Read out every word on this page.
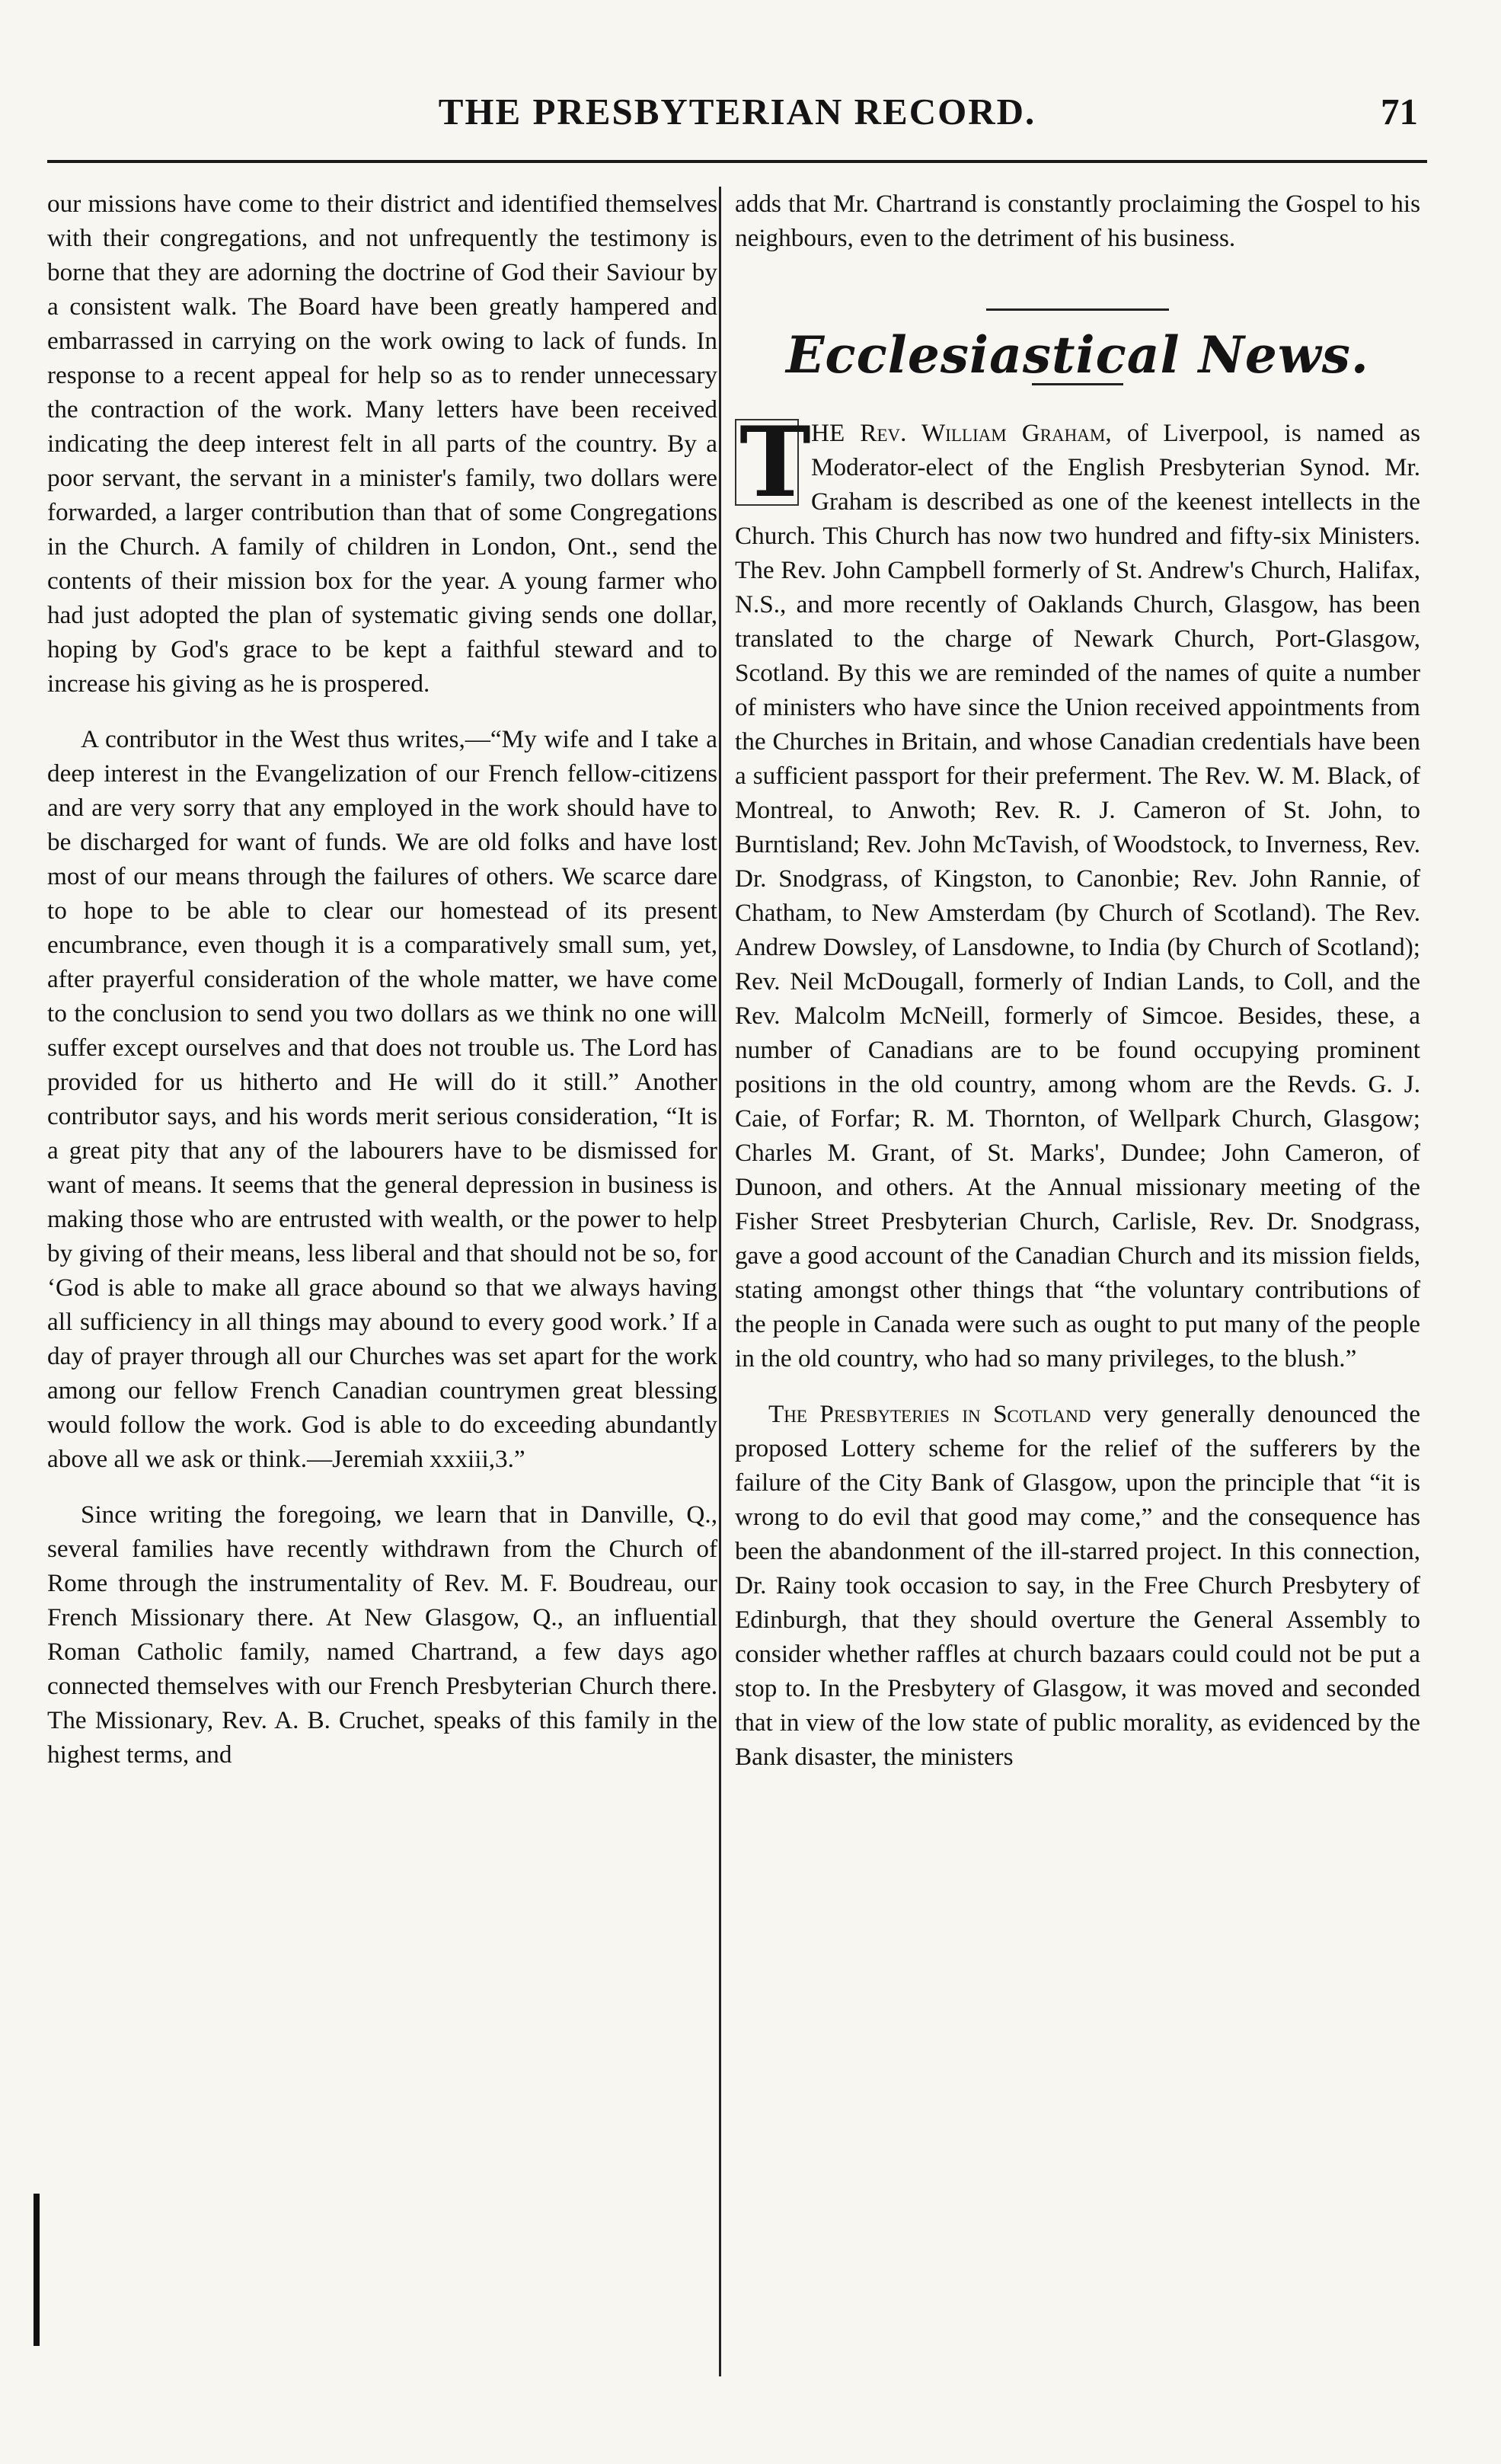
THE PRESBYTERIAN RECORD.	71

our missions have come to their district and identified themselves with their congregations, and not unfrequently the testimony is borne that they are adorning the doctrine of God their Saviour by a consistent walk. The Board have been greatly hampered and embarrassed in carrying on the work owing to lack of funds. In response to a recent appeal for help so as to render unnecessary the contraction of the work. Many letters have been received indicating the deep interest felt in all parts of the country. By a poor servant, the servant in a minister's family, two dollars were forwarded, a larger contribution than that of some Congregations in the Church. A family of children in London, Ont., send the contents of their mission box for the year. A young farmer who had just adopted the plan of systematic giving sends one dollar, hoping by God's grace to be kept a faithful steward and to increase his giving as he is prospered.

A contributor in the West thus writes,—“My wife and I take a deep interest in the Evangelization of our French fellow-citizens and are very sorry that any employed in the work should have to be discharged for want of funds. We are old folks and have lost most of our means through the failures of others. We scarce dare to hope to be able to clear our homestead of its present encumbrance, even though it is a comparatively small sum, yet, after prayerful consideration of the whole matter, we have come to the conclusion to send you two dollars as we think no one will suffer except ourselves and that does not trouble us. The Lord has provided for us hitherto and He will do it still.” Another contributor says, and his words merit serious consideration, “It is a great pity that any of the labourers have to be dismissed for want of means. It seems that the general depression in business is making those who are entrusted with wealth, or the power to help by giving of their means, less liberal and that should not be so, for ‘God is able to make all grace abound so that we always having all sufficiency in all things may abound to every good work.’ If a day of prayer through all our Churches was set apart for the work among our fellow French Canadian countrymen great blessing would follow the work. God is able to do exceeding abundantly above all we ask or think.—Jeremiah xxxiii,3.”

Since writing the foregoing, we learn that in Danville, Q., several families have recently withdrawn from the Church of Rome through the instrumentality of Rev. M. F. Boudreau, our French Missionary there. At New Glasgow, Q., an influential Roman Catholic family, named Chartrand, a few days ago connected themselves with our French Presbyterian Church there. The Missionary, Rev. A. B. Cruchet, speaks of this family in the highest terms, and

adds that Mr. Chartrand is constantly proclaiming the Gospel to his neighbours, even to the detriment of his business.

Ecclesiastical News.

T HE Rev. William Graham, of Liverpool, is named as Moderator-elect of the English Presbyterian Synod. Mr. Graham is described as one of the keenest intellects in the Church. This Church has now two hundred and fifty-six Ministers. The Rev. John Campbell formerly of St. Andrew's Church, Halifax, N.S., and more recently of Oaklands Church, Glasgow, has been translated to the charge of Newark Church, Port-Glasgow, Scotland. By this we are reminded of the names of quite a number of ministers who have since the Union received appointments from the Churches in Britain, and whose Canadian credentials have been a sufficient passport for their preferment. The Rev. W. M. Black, of Montreal, to Anwoth; Rev. R. J. Cameron of St. John, to Burntisland; Rev. John McTavish, of Woodstock, to Inverness, Rev. Dr. Snodgrass, of Kingston, to Canonbie; Rev. John Rannie, of Chatham, to New Amsterdam (by Church of Scotland). The Rev. Andrew Dowsley, of Lansdowne, to India (by Church of Scotland); Rev. Neil McDougall, formerly of Indian Lands, to Coll, and the Rev. Malcolm McNeill, formerly of Simcoe. Besides, these, a number of Canadians are to be found occupying prominent positions in the old country, among whom are the Revds. G. J. Caie, of Forfar; R. M. Thornton, of Wellpark Church, Glasgow; Charles M. Grant, of St. Marks', Dundee; John Cameron, of Dunoon, and others. At the Annual missionary meeting of the Fisher Street Presbyterian Church, Carlisle, Rev. Dr. Snodgrass, gave a good account of the Canadian Church and its mission fields, stating amongst other things that “the voluntary contributions of the people in Canada were such as ought to put many of the people in the old country, who had so many privileges, to the blush.”

The Presbyteries in Scotland very generally denounced the proposed Lottery scheme for the relief of the sufferers by the failure of the City Bank of Glasgow, upon the principle that “it is wrong to do evil that good may come,” and the consequence has been the abandonment of the ill-starred project. In this connection, Dr. Rainy took occasion to say, in the Free Church Presbytery of Edinburgh, that they should overture the General Assembly to consider whether raffles at church bazaars could could not be put a stop to. In the Presbytery of Glasgow, it was moved and seconded that in view of the low state of public morality, as evidenced by the Bank disaster, the ministers
